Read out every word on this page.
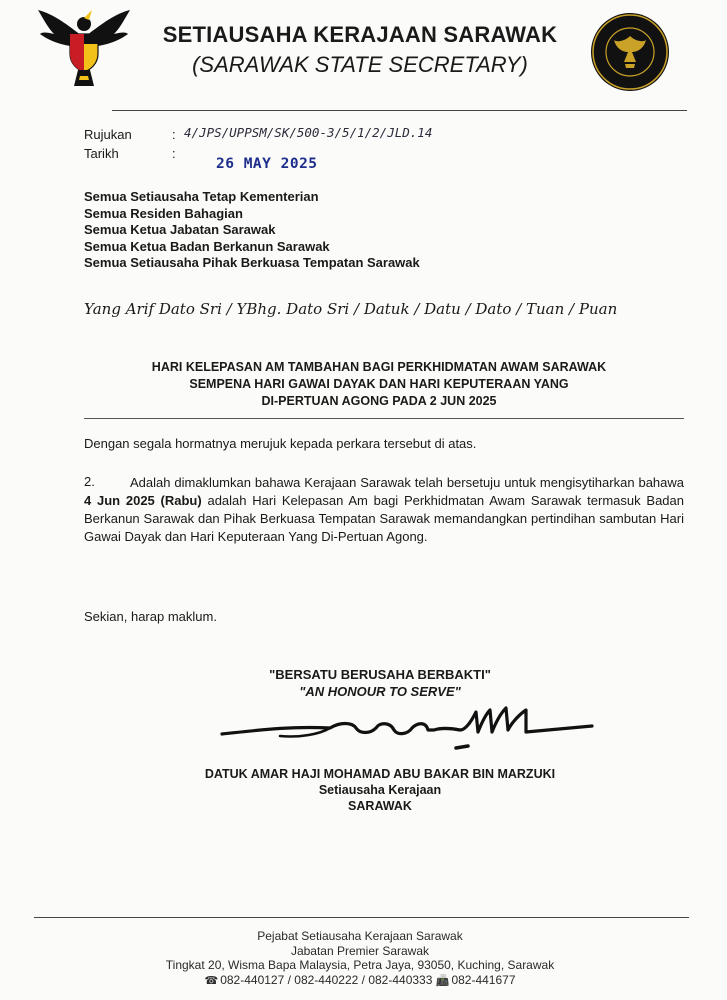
SETIAUSAHA KERAJAAN SARAWAK
(SARAWAK STATE SECRETARY)
Rujukan	: 4/JPS/UPPSM/SK/500-3/5/1/2/JLD.14
Tarikh	:
26 MAY 2025
Semua Setiausaha Tetap Kementerian
Semua Residen Bahagian
Semua Ketua Jabatan Sarawak
Semua Ketua Badan Berkanun Sarawak
Semua Setiausaha Pihak Berkuasa Tempatan Sarawak
Yang Arif Dato Sri / YBhg. Dato Sri / Datuk / Datu / Dato / Tuan / Puan
HARI KELEPASAN AM TAMBAHAN BAGI PERKHIDMATAN AWAM SARAWAK
SEMPENA HARI GAWAI DAYAK DAN HARI KEPUTERAAN YANG
DI-PERTUAN AGONG PADA 2 JUN 2025
Dengan segala hormatnya merujuk kepada perkara tersebut di atas.
2.	Adalah dimaklumkan bahawa Kerajaan Sarawak telah bersetuju untuk mengisytiharkan bahawa 4 Jun 2025 (Rabu) adalah Hari Kelepasan Am bagi Perkhidmatan Awam Sarawak termasuk Badan Berkanun Sarawak dan Pihak Berkuasa Tempatan Sarawak memandangkan pertindihan sambutan Hari Gawai Dayak dan Hari Keputeraan Yang Di-Pertuan Agong.
Sekian, harap maklum.
"BERSATU BERUSAHA BERBAKTI"
"AN HONOUR TO SERVE"
DATUK AMAR HAJI MOHAMAD ABU BAKAR BIN MARZUKI
Setiausaha Kerajaan
SARAWAK
Pejabat Setiausaha Kerajaan Sarawak
Jabatan Premier Sarawak
Tingkat 20, Wisma Bapa Malaysia, Petra Jaya, 93050, Kuching, Sarawak
☎ 082-440127 / 082-440222 / 082-440333 📠 082-441677
